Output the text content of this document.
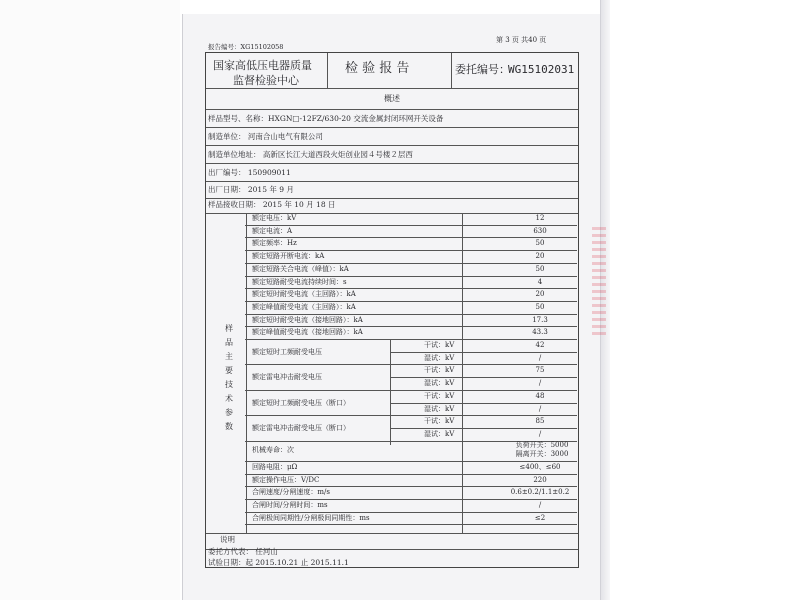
报告编号：XG15102058
第 3 页 共40 页
国家高低压电器质量
监督检验中心
检 验 报 告	委托编号：
WG15102031
概述
样品型号、名称：HXGN□-12FZ/630-20 交流金属封闭环网开关设备
制造单位： 河南合山电气有限公司
制造单位地址： 高新区长江大道西段火炬创业园４号楼２层西
出厂编号： 150909011
出厂日期： 2015 年 9 月
样品接收日期： 2015 年 10 月 18 日
样品主要技术参数
额定电压：kV	12
额定电流：A	630
额定频率：Hz	50
额定短路开断电流：kA	20
额定短路关合电流（峰值）：kA	50
额定短路耐受电流持续时间：s	4
额定短时耐受电流（主回路）：kA	20
额定峰值耐受电流（主回路）：kA	50
额定短时耐受电流（接地回路）：kA	17.3
额定峰值耐受电流（接地回路）：kA	43.3
额定短时工频耐受电压
干试：kV	42
湿试：kV	/
额定雷电冲击耐受电压
干试：kV	75
湿试：kV	/
额定短时工频耐受电压（断口）
干试：kV	48
湿试：kV	/
额定雷电冲击耐受电压（断口）
干试：kV	85
湿试：kV	/
机械寿命：次
负荷开关：5000
隔离开关：3000
回路电阻：μΩ	≤400、≤60
额定操作电压：V/DC	220
合闸速度/分闸速度：m/s	0.6±0.2/1.1±0.2
合闸时间/分闸时间：ms	/
合闸极间同期性/分闸极间同期性：ms	≤2
说明
委托方代表： 任河山
试验日期：起 2015.10.21 止 2015.11.1
